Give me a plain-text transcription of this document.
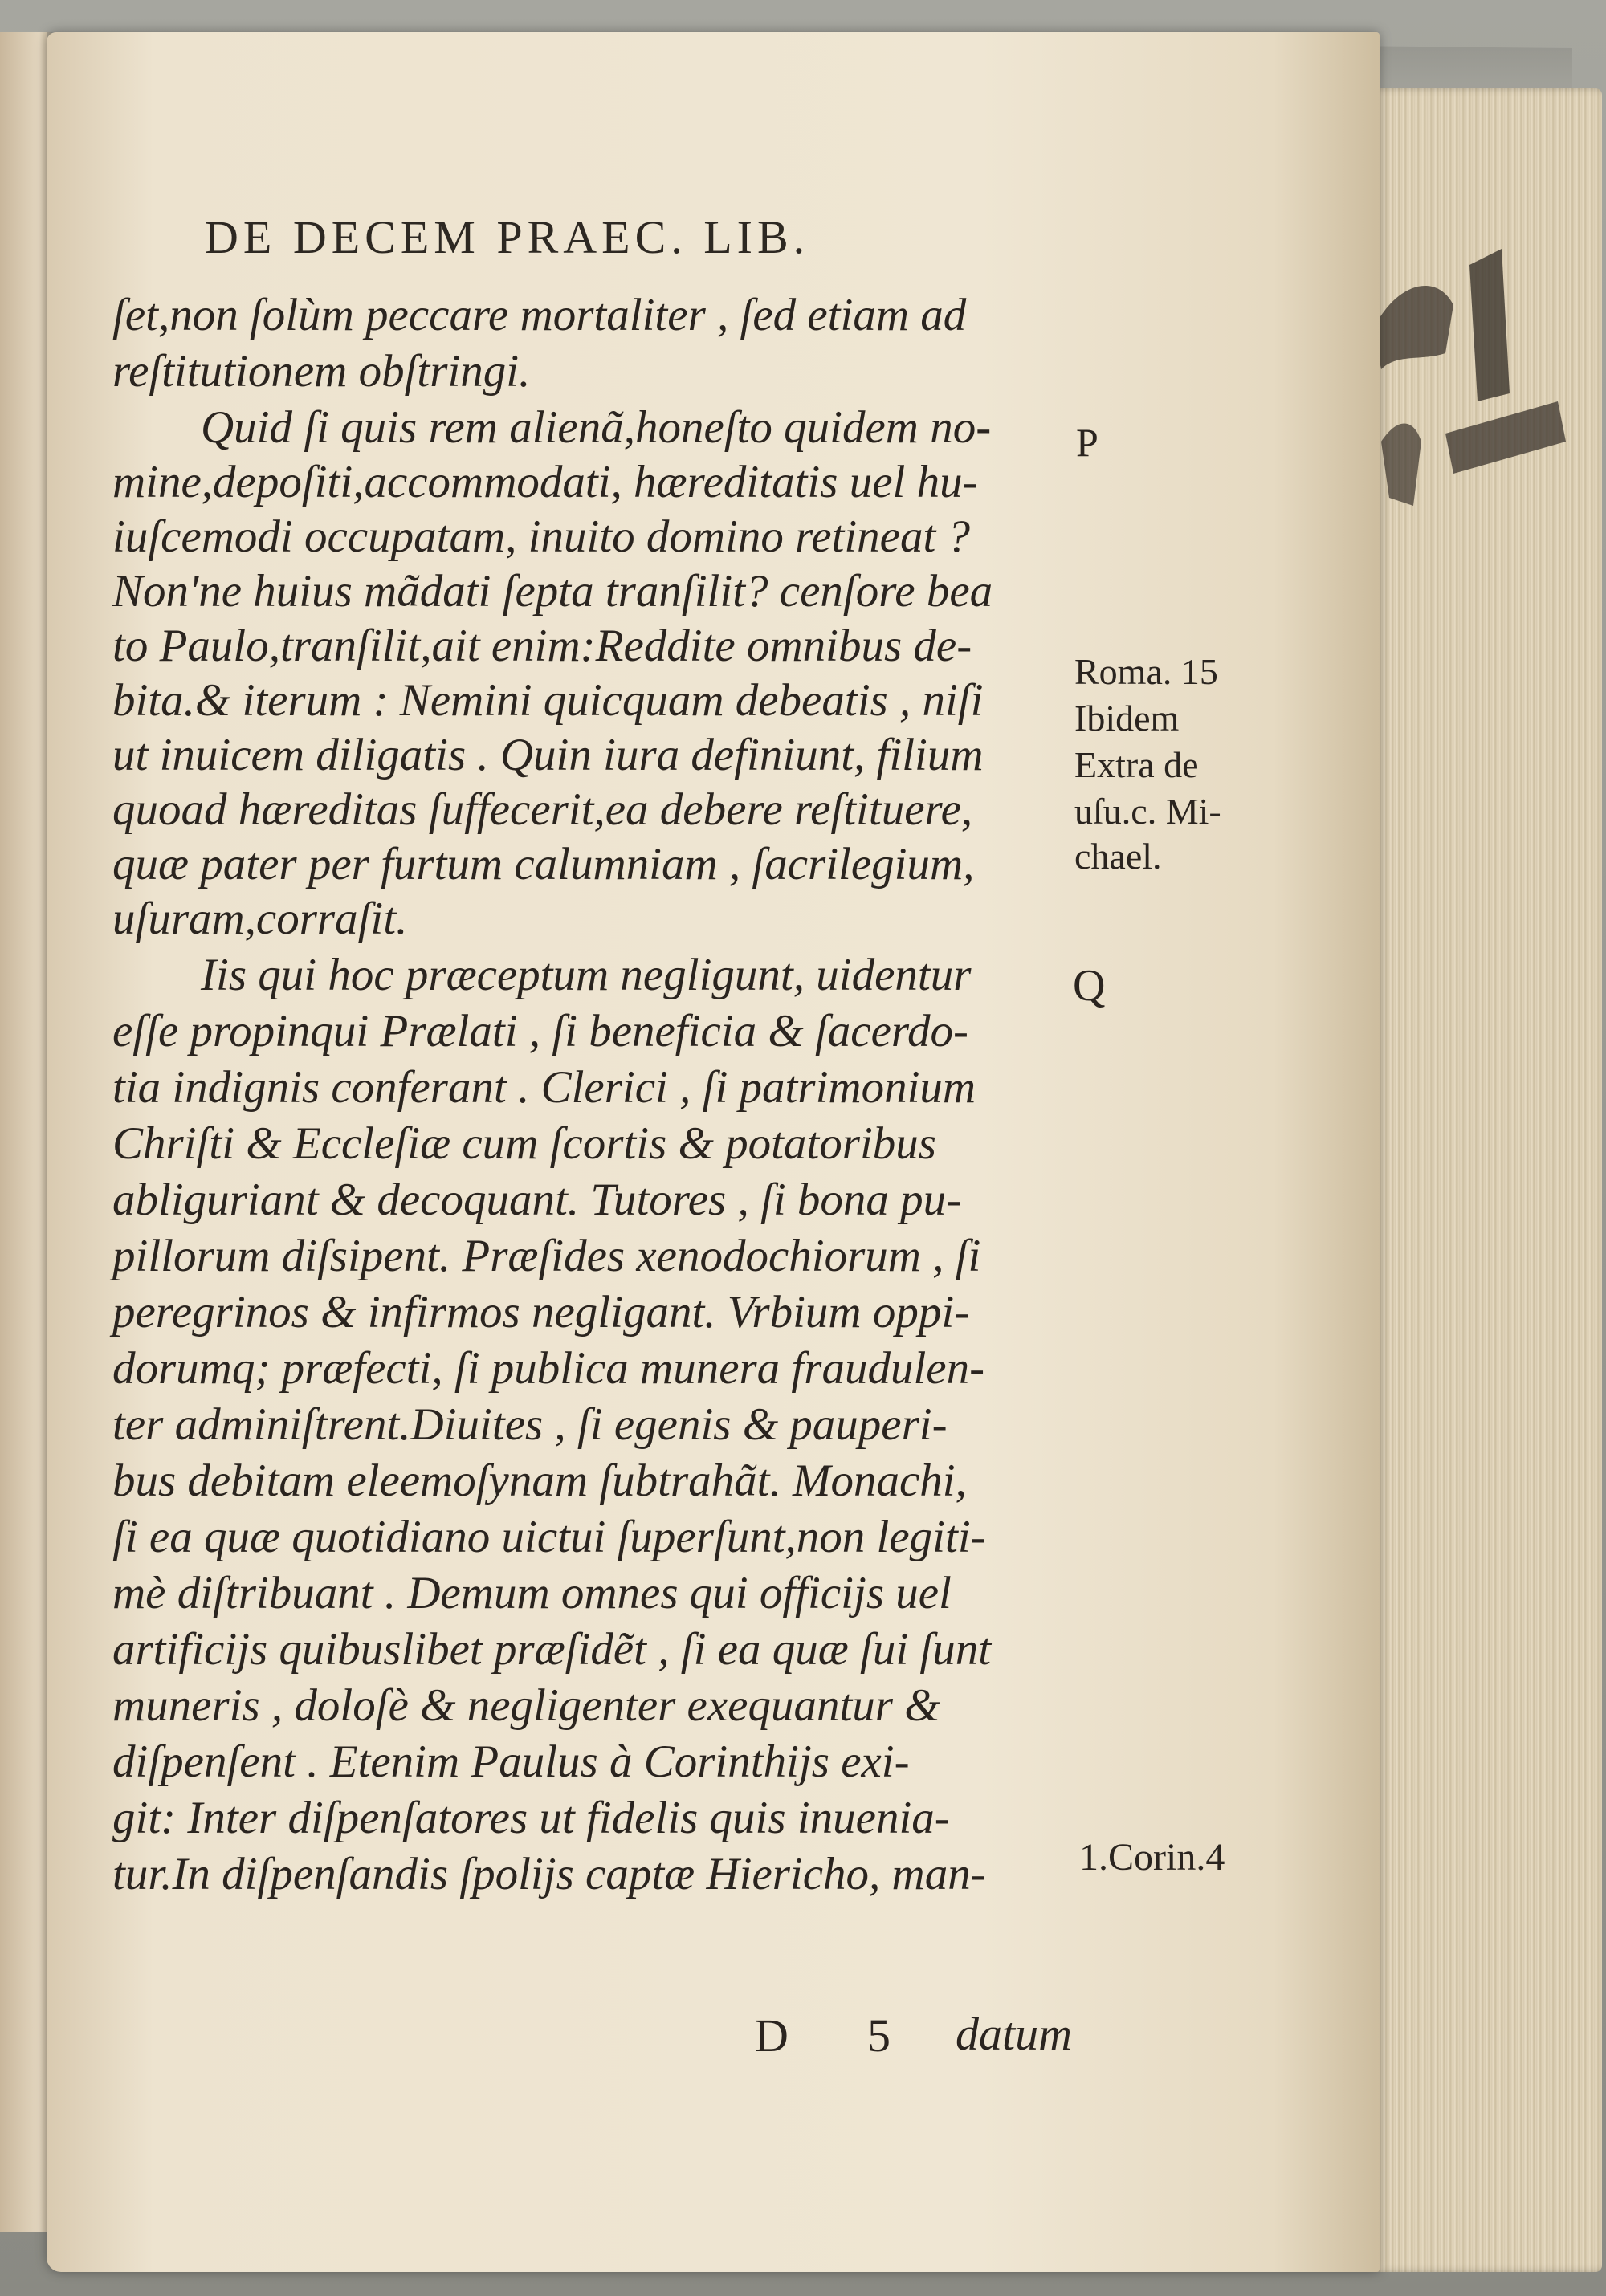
DE DECEM PRAEC. LIB.
ſet,non ſolùm peccare mortaliter , ſed etiam ad
reſtitutionem obſtringi.
Quid ſi quis rem alienã,honeſto quidem no-
mine,depoſiti,accommodati, hæreditatis uel hu-
iuſcemodi occupatam, inuito domino retineat ?
Non'ne huius mãdati ſepta tranſilit? cenſore bea
to Paulo,tranſilit,ait enim:Reddite omnibus de-
bita.& iterum : Nemini quicquam debeatis , niſi
ut inuicem diligatis . Quin iura definiunt, filium
quoad hæreditas ſuffecerit,ea debere reſtituere,
quæ pater per furtum calumniam , ſacrilegium,
uſuram,corraſit.
Iis qui hoc præceptum negligunt, uidentur
eſſe propinqui Prælati , ſi beneficia & ſacerdo-
tia indignis conferant . Clerici , ſi patrimonium
Chriſti & Eccleſiæ cum ſcortis & potatoribus
abliguriant & decoquant. Tutores , ſi bona pu-
pillorum diſsipent. Præſides xenodochiorum , ſi
peregrinos & infirmos negligant. Vrbium oppi-
dorumq; præfecti, ſi publica munera fraudulen-
ter adminiſtrent.Diuites , ſi egenis & pauperi-
bus debitam eleemoſynam ſubtrahãt. Monachi,
ſi ea quæ quotidiano uictui ſuperſunt,non legiti-
mè diſtribuant . Demum omnes qui officijs uel
artificijs quibuslibet præſidẽt , ſi ea quæ ſui ſunt
muneris , doloſè & negligenter exequantur &
diſpenſent . Etenim Paulus à Corinthijs exi-
git: Inter diſpenſatores ut fidelis quis inuenia-
tur.In diſpenſandis ſpolijs captæ Hiericho, man-
P
Roma. 15
Ibidem
Extra de
uſu.c. Mi-
chael.
Q
1.Corin.4
D 5 datum
